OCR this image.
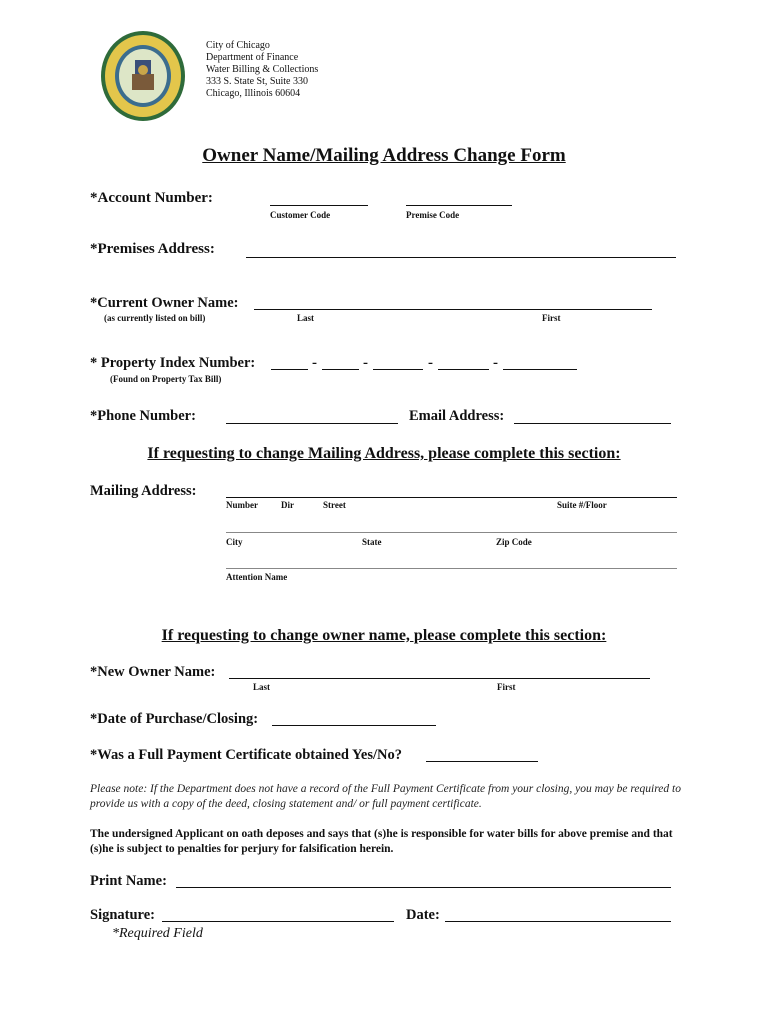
City of Chicago
Department of Finance
Water Billing & Collections
333 S. State St, Suite 330
Chicago, Illinois 60604
Owner Name/Mailing Address Change Form
*Account Number:
Customer Code	Premise Code
*Premises Address:
*Current Owner Name:
(as currently listed on bill)	Last	First
* Property Index Number:	-	-	-	-
(Found on Property Tax Bill)
*Phone Number:	Email Address:
If requesting to change Mailing Address, please complete this section:
Mailing Address:
Number	Dir	Street	Suite #/Floor
City	State	Zip Code
Attention Name
If requesting to change owner name, please complete this section:
*New Owner Name:
Last	First
*Date of Purchase/Closing:
*Was a Full Payment Certificate obtained Yes/No?
Please note: If the Department does not have a record of the Full Payment Certificate from your closing, you may be required to provide us with a copy of the deed, closing statement and/ or full payment certificate.
The undersigned Applicant on oath deposes and says that (s)he is responsible for water bills for above premise and that (s)he is subject to penalties for perjury for falsification herein.
Print Name:
Signature:	Date:
*Required Field
